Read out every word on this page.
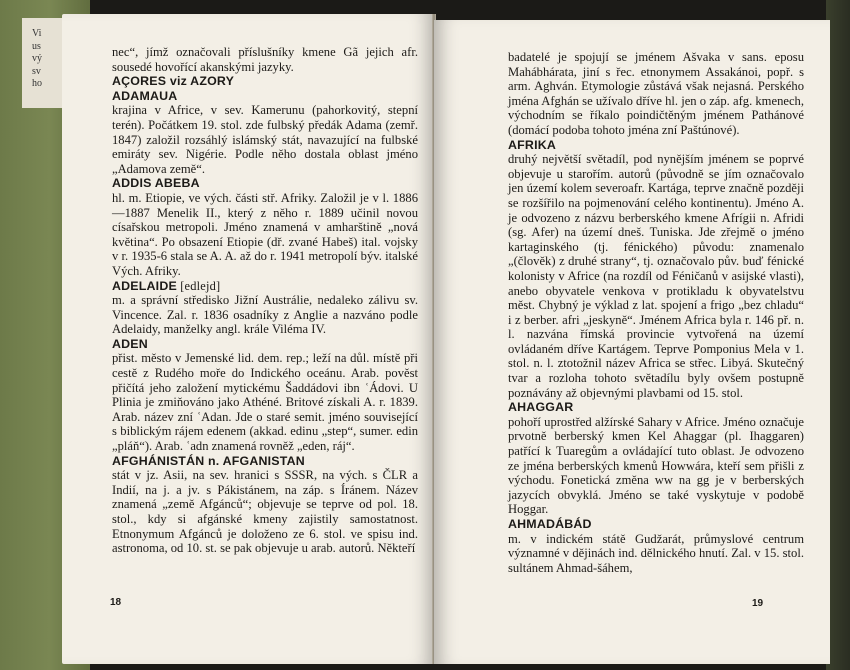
Vi
us
vý
sv
ho

nec“, jímž označovali příslušníky kmene Gã jejich afr. sousedé hovořící akanskými jazyky.

AÇORES viz AZORY
ADAMAUA

krajina v Africe, v sev. Kamerunu (pahorkovitý, stepní terén). Počátkem 19. stol. zde fulbský předák Adama (zemř. 1847) založil rozsáhlý islámský stát, navazující na fulbské emiráty sev. Nigérie. Podle něho dostala oblast jméno „Adamova země“.

ADDIS ABEBA

hl. m. Etiopie, ve vých. části stř. Afriky. Založil je v l. 1886—1887 Menelik II., který z něho r. 1889 učinil novou císařskou metropoli. Jméno znamená v amharštině „nová květina“. Po obsazení Etiopie (dř. zvané Habeš) ital. vojsky v r. 1935-6 stala se A. A. až do r. 1941 metropolí býv. italské Vých. Afriky.

ADELAIDE [edlejd]

m. a správní středisko Jižní Austrálie, nedaleko zálivu sv. Vincence. Zal. r. 1836 osadníky z Anglie a nazváno podle Adelaidy, manželky angl. krále Viléma IV.

ADEN

přist. město v Jemenské lid. dem. rep.; leží na důl. místě při cestě z Rudého moře do Indického oceánu. Arab. pověst přičítá jeho založení mytickému Šaddádovi ibn ʿÁdovi. U Plinia je zmiňováno jako Athéné. Britové získali A. r. 1839. Arab. název zní ʿAdan. Jde o staré semit. jméno související s biblickým rájem edenem (akkad. edinu „step“, sumer. edin „pláň“). Arab. ʿadn znamená rovněž „eden, ráj“.

AFGHÁNISTÁN n. AFGANISTAN

stát v jz. Asii, na sev. hranici s SSSR, na vých. s ČLR a Indií, na j. a jv. s Pákistánem, na záp. s Íránem. Název znamená „země Afgánců“; objevuje se teprve od pol. 18. stol., kdy si afgánské kmeny zajistily samostatnost. Etnonymum Afgánců je doloženo ze 6. stol. ve spisu ind. astronoma, od 10. st. se pak objevuje u arab. autorů. Někteří

18

badatelé je spojují se jménem Ašvaka v sans. eposu Mahábhárata, jiní s řec. etnonymem Assakánoi, popř. s arm. Aghván. Etymologie zůstává však nejasná. Perského jména Afghán se užívalo dříve hl. jen o záp. afg. kmenech, východním se říkalo poindičtěným jménem Pathánové (domácí podoba tohoto jména zní Paštúnové).

AFRIKA

druhý největší světadíl, pod nynějším jménem se poprvé objevuje u starořím. autorů (původně se jím označovalo jen území kolem severoafr. Kartága, teprve značně později se rozšířilo na pojmenování celého kontinentu). Jméno A. je odvozeno z názvu berberského kmene Afrígii n. Afridi (sg. Afer) na území dneš. Tuniska. Jde zřejmě o jméno kartaginského (tj. fénického) původu: znamenalo „(člověk) z druhé strany“, tj. označovalo pův. buď fénické kolonisty v Africe (na rozdíl od Féničanů v asijské vlasti), anebo obyvatele venkova v protikladu k obyvatelstvu měst. Chybný je výklad z lat. spojení a frigo „bez chladu“ i z berber. afri „jeskyně“. Jménem Africa byla r. 146 př. n. l. nazvána římská provincie vytvořená na území ovládaném dříve Kartágem. Teprve Pomponius Mela v 1. stol. n. l. ztotožnil název Africa se střec. Libyá. Skutečný tvar a rozloha tohoto světadílu byly ovšem postupně poznávány až objevnými plavbami od 15. stol.

AHAGGAR

pohoří uprostřed alžírské Sahary v Africe. Jméno označuje prvotně berberský kmen Kel Ahaggar (pl. Ihaggaren) patřící k Tuaregům a ovládající tuto oblast. Je odvozeno ze jména berberských kmenů Howwára, kteří sem přišli z východu. Fonetická změna ww na gg je v berberských jazycích obvyklá. Jméno se také vyskytuje v podobě Hoggar.

AHMADÁBÁD

m. v indickém státě Gudžarát, průmyslové centrum významné v dějinách ind. dělnického hnutí. Zal. v 15. stol. sultánem Ahmad-šáhem,

19
